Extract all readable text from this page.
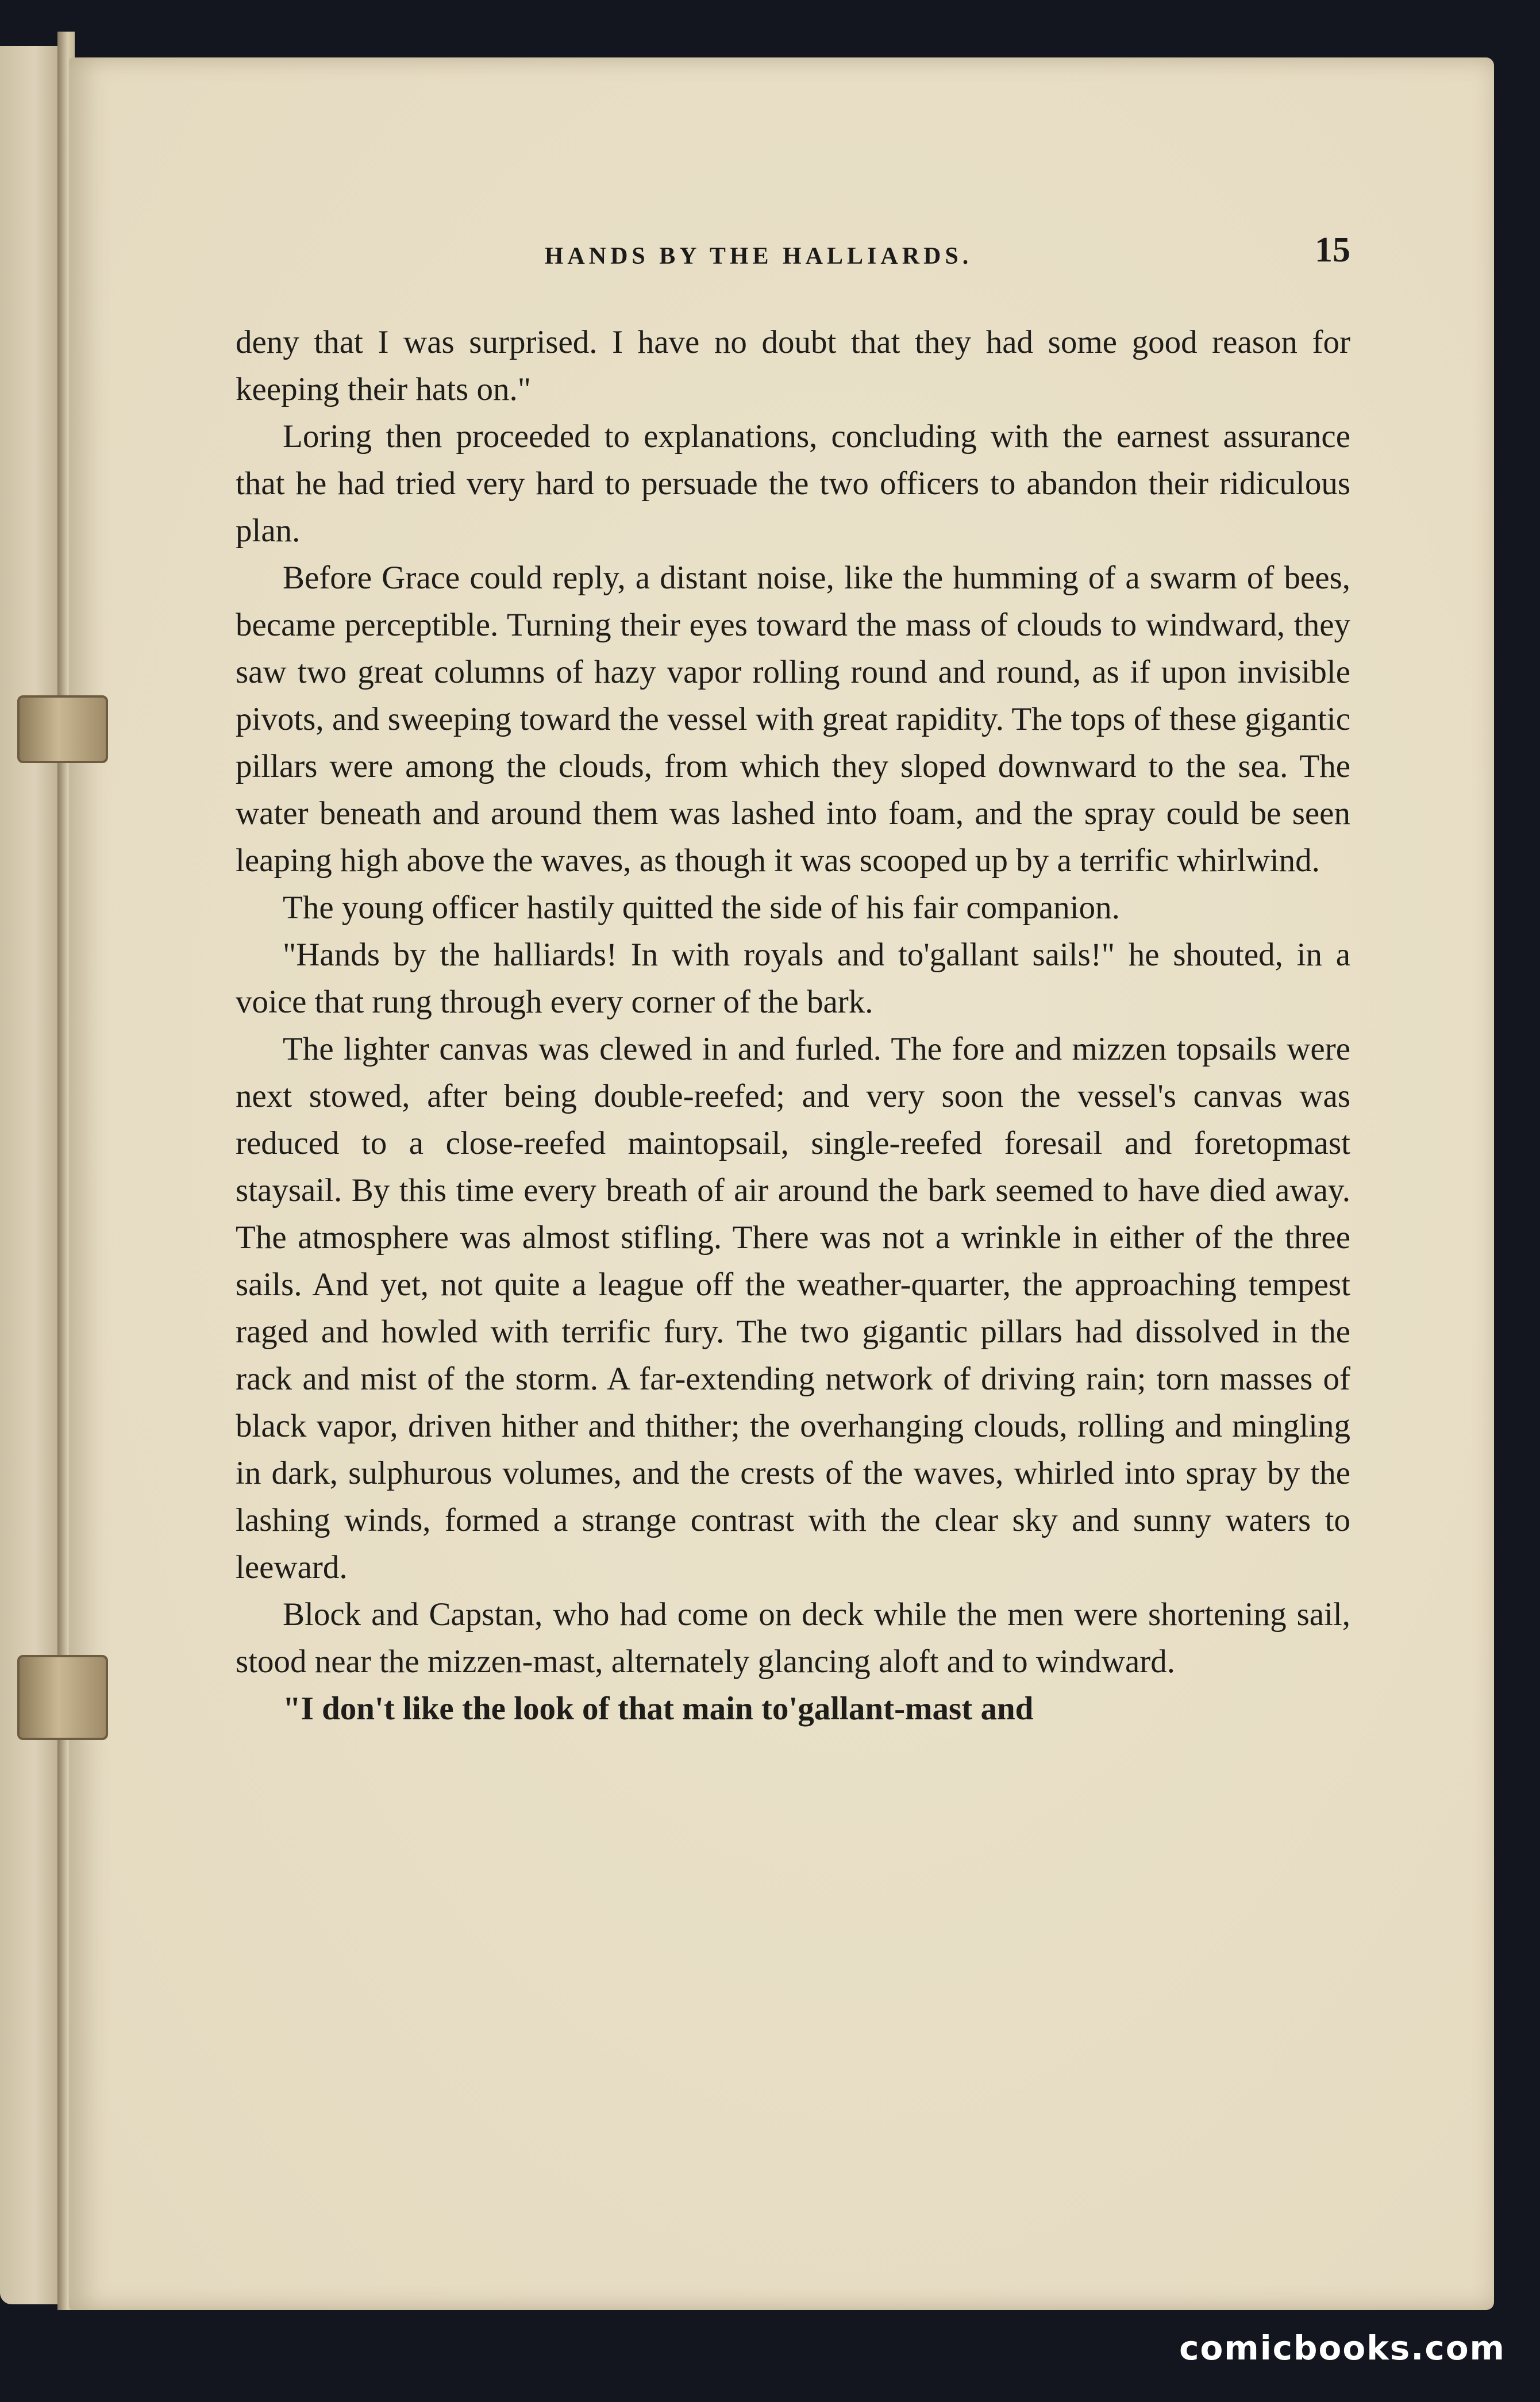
HANDS BY THE HALLIARDS.	15

deny that I was surprised. I have no doubt that they had some good reason for keeping their hats on."

Loring then proceeded to explanations, concluding with the earnest assurance that he had tried very hard to persuade the two officers to abandon their ridiculous plan.

Before Grace could reply, a distant noise, like the humming of a swarm of bees, became perceptible. Turning their eyes toward the mass of clouds to windward, they saw two great columns of hazy vapor rolling round and round, as if upon invisible pivots, and sweeping toward the vessel with great rapidity. The tops of these gigantic pillars were among the clouds, from which they sloped downward to the sea. The water beneath and around them was lashed into foam, and the spray could be seen leaping high above the waves, as though it was scooped up by a terrific whirlwind.

The young officer hastily quitted the side of his fair companion.

"Hands by the halliards! In with royals and to'gallant sails!" he shouted, in a voice that rung through every corner of the bark.

The lighter canvas was clewed in and furled. The fore and mizzen topsails were next stowed, after being double-reefed; and very soon the vessel's canvas was reduced to a close-reefed maintopsail, single-reefed foresail and foretopmast staysail. By this time every breath of air around the bark seemed to have died away. The atmosphere was almost stifling. There was not a wrinkle in either of the three sails. And yet, not quite a league off the weather-quarter, the approaching tempest raged and howled with terrific fury. The two gigantic pillars had dissolved in the rack and mist of the storm. A far-extending network of driving rain; torn masses of black vapor, driven hither and thither; the overhanging clouds, rolling and mingling in dark, sulphurous volumes, and the crests of the waves, whirled into spray by the lashing winds, formed a strange contrast with the clear sky and sunny waters to leeward.

Block and Capstan, who had come on deck while the men were shortening sail, stood near the mizzen-mast, alternately glancing aloft and to windward.

"I don't like the look of that main to'gallant-mast and

comicbooks.com
